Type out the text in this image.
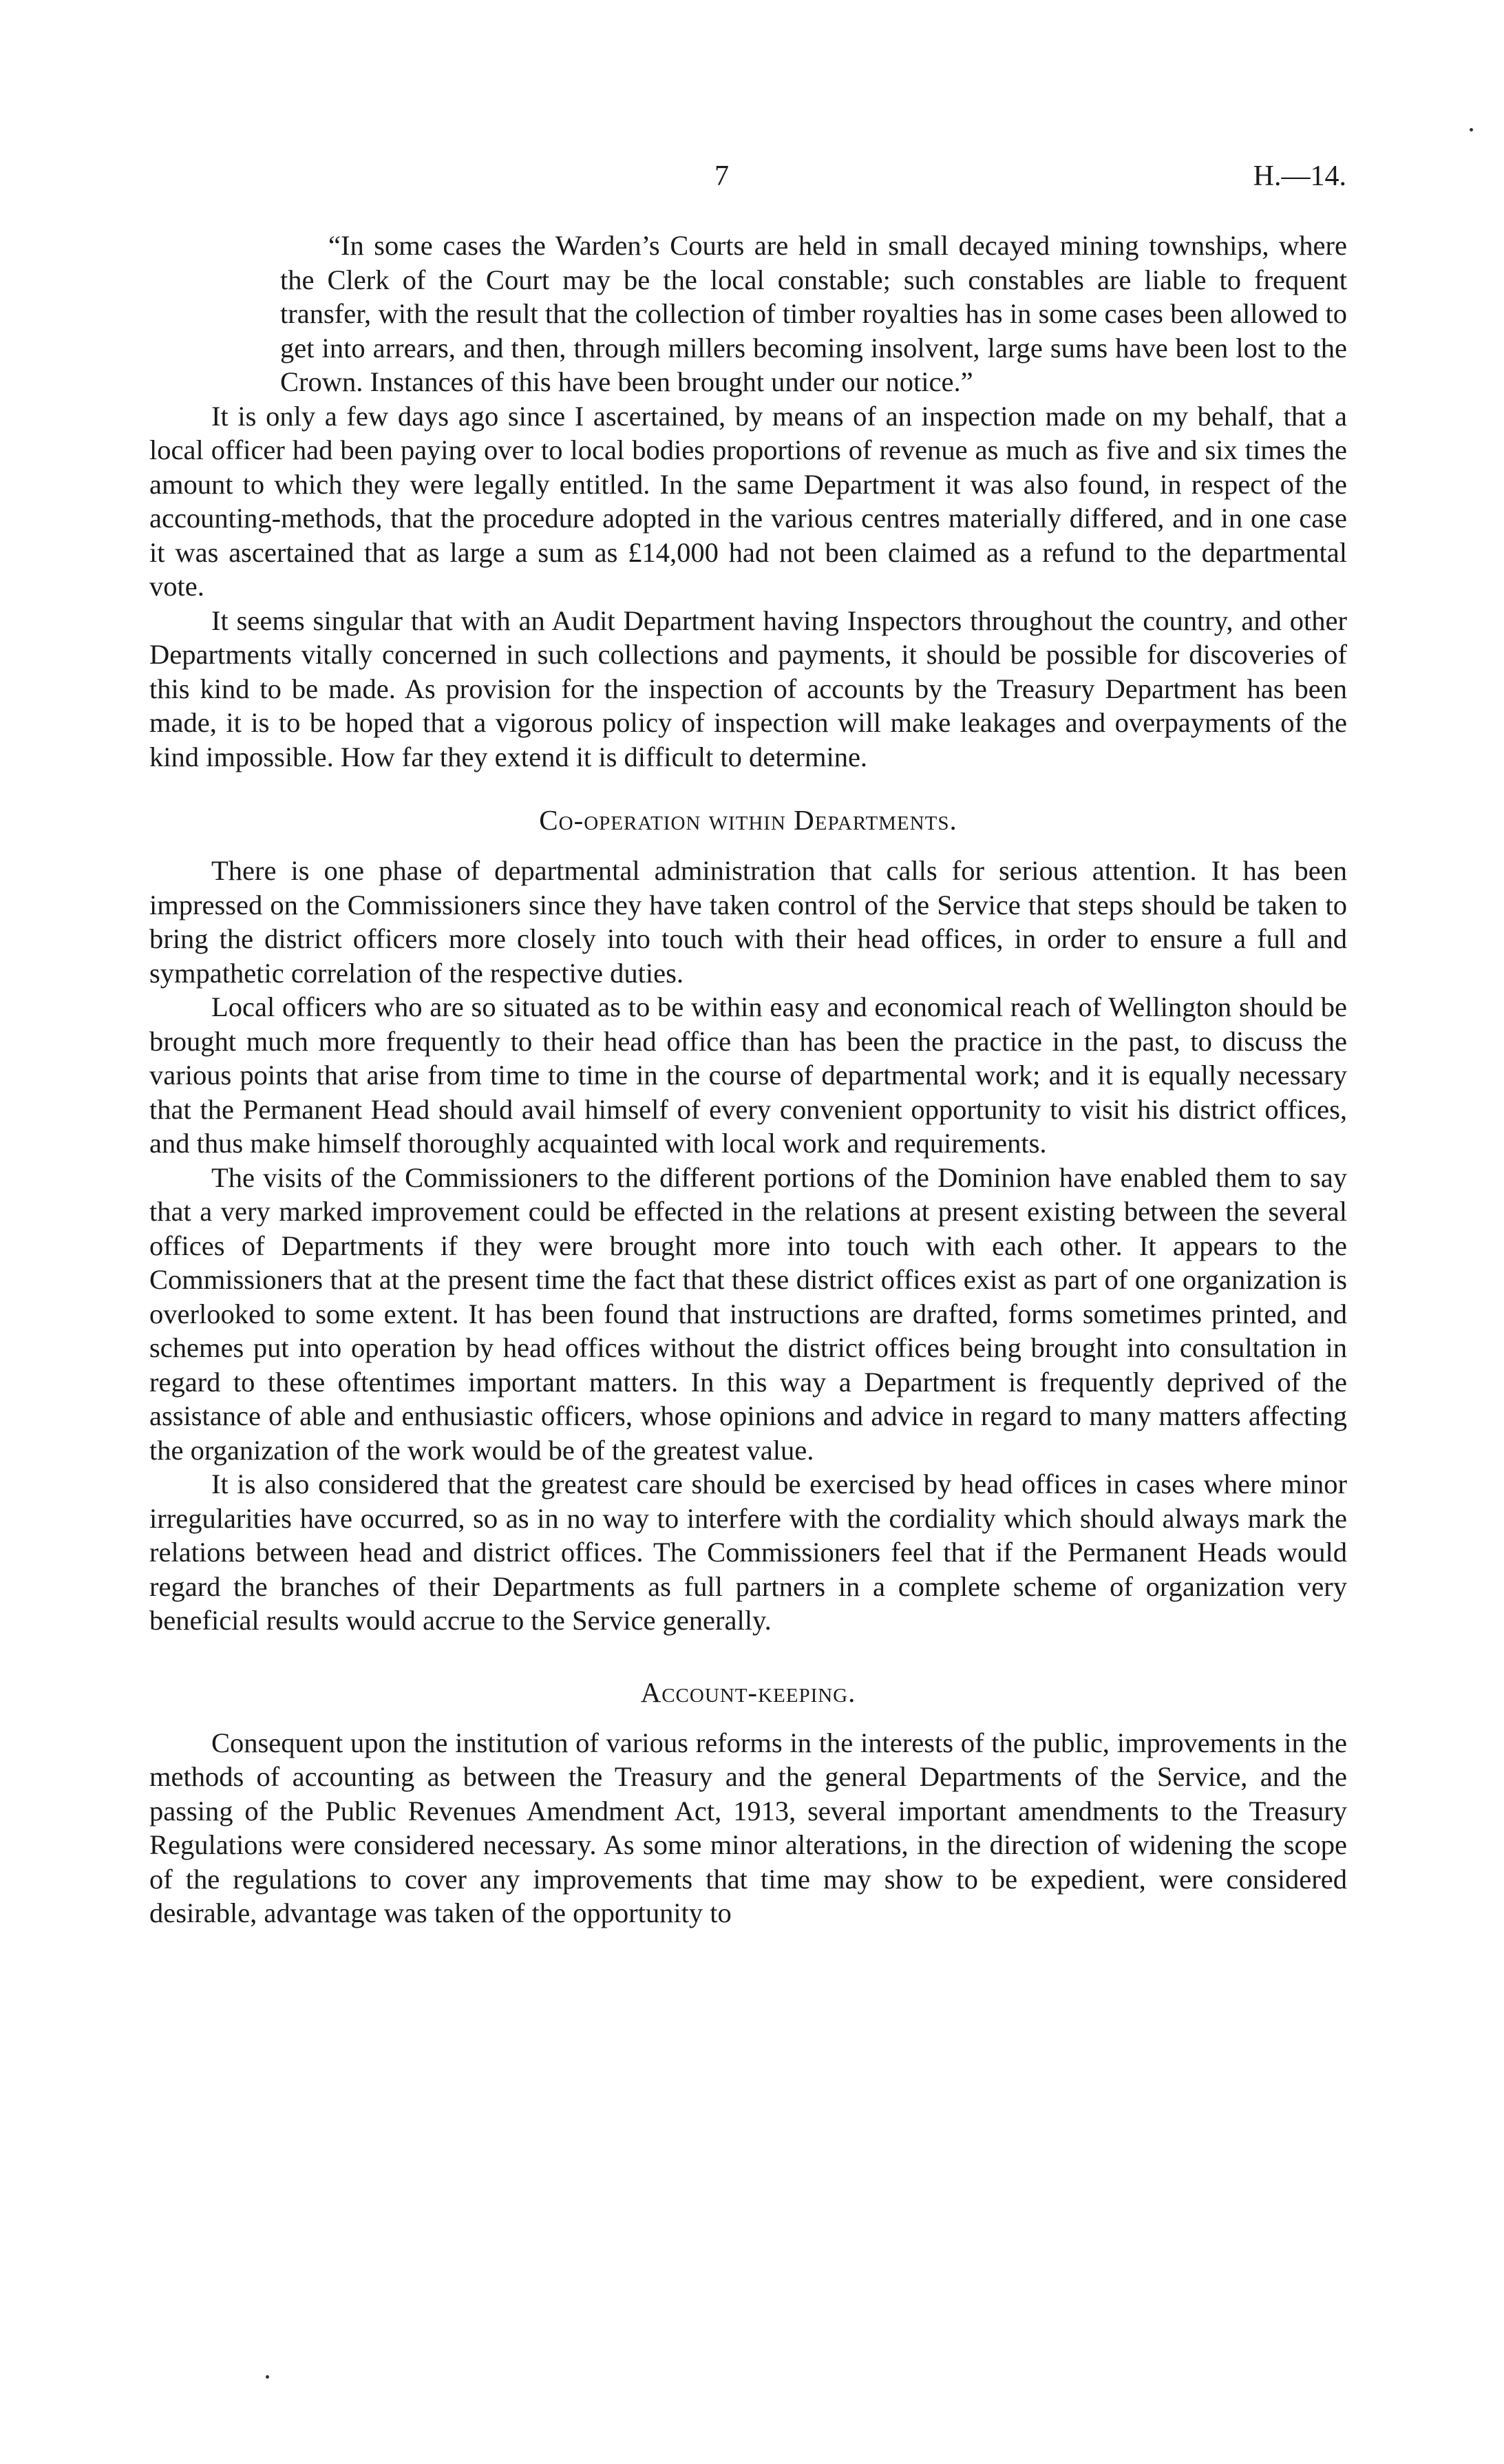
7	H.—14.

“In some cases the Warden’s Courts are held in small decayed mining townships, where the Clerk of the Court may be the local constable; such constables are liable to frequent transfer, with the result that the collection of timber royalties has in some cases been allowed to get into arrears, and then, through millers becoming insolvent, large sums have been lost to the Crown. Instances of this have been brought under our notice.”

It is only a few days ago since I ascertained, by means of an inspection made on my behalf, that a local officer had been paying over to local bodies proportions of revenue as much as five and six times the amount to which they were legally entitled. In the same Department it was also found, in respect of the accounting-methods, that the procedure adopted in the various centres materially differed, and in one case it was ascertained that as large a sum as £14,000 had not been claimed as a refund to the departmental vote.

It seems singular that with an Audit Department having Inspectors throughout the country, and other Departments vitally concerned in such collections and payments, it should be possible for discoveries of this kind to be made. As provision for the inspection of accounts by the Treasury Department has been made, it is to be hoped that a vigorous policy of inspection will make leakages and overpayments of the kind impossible. How far they extend it is difficult to determine.

Co-operation within Departments.

There is one phase of departmental administration that calls for serious attention. It has been impressed on the Commissioners since they have taken control of the Service that steps should be taken to bring the district officers more closely into touch with their head offices, in order to ensure a full and sympathetic correlation of the respective duties.

Local officers who are so situated as to be within easy and economical reach of Wellington should be brought much more frequently to their head office than has been the practice in the past, to discuss the various points that arise from time to time in the course of departmental work; and it is equally necessary that the Permanent Head should avail himself of every convenient opportunity to visit his district offices, and thus make himself thoroughly acquainted with local work and requirements.

The visits of the Commissioners to the different portions of the Dominion have enabled them to say that a very marked improvement could be effected in the relations at present existing between the several offices of Departments if they were brought more into touch with each other. It appears to the Commissioners that at the present time the fact that these district offices exist as part of one organization is overlooked to some extent. It has been found that instructions are drafted, forms sometimes printed, and schemes put into operation by head offices without the district offices being brought into consultation in regard to these oftentimes important matters. In this way a Department is frequently deprived of the assistance of able and enthusiastic officers, whose opinions and advice in regard to many matters affecting the organization of the work would be of the greatest value.

It is also considered that the greatest care should be exercised by head offices in cases where minor irregularities have occurred, so as in no way to interfere with the cordiality which should always mark the relations between head and district offices. The Commissioners feel that if the Permanent Heads would regard the branches of their Departments as full partners in a complete scheme of organization very beneficial results would accrue to the Service generally.

Account-keeping.

Consequent upon the institution of various reforms in the interests of the public, improvements in the methods of accounting as between the Treasury and the general Departments of the Service, and the passing of the Public Revenues Amendment Act, 1913, several important amendments to the Treasury Regulations were considered necessary. As some minor alterations, in the direction of widening the scope of the regulations to cover any improvements that time may show to be expedient, were considered desirable, advantage was taken of the opportunity to
